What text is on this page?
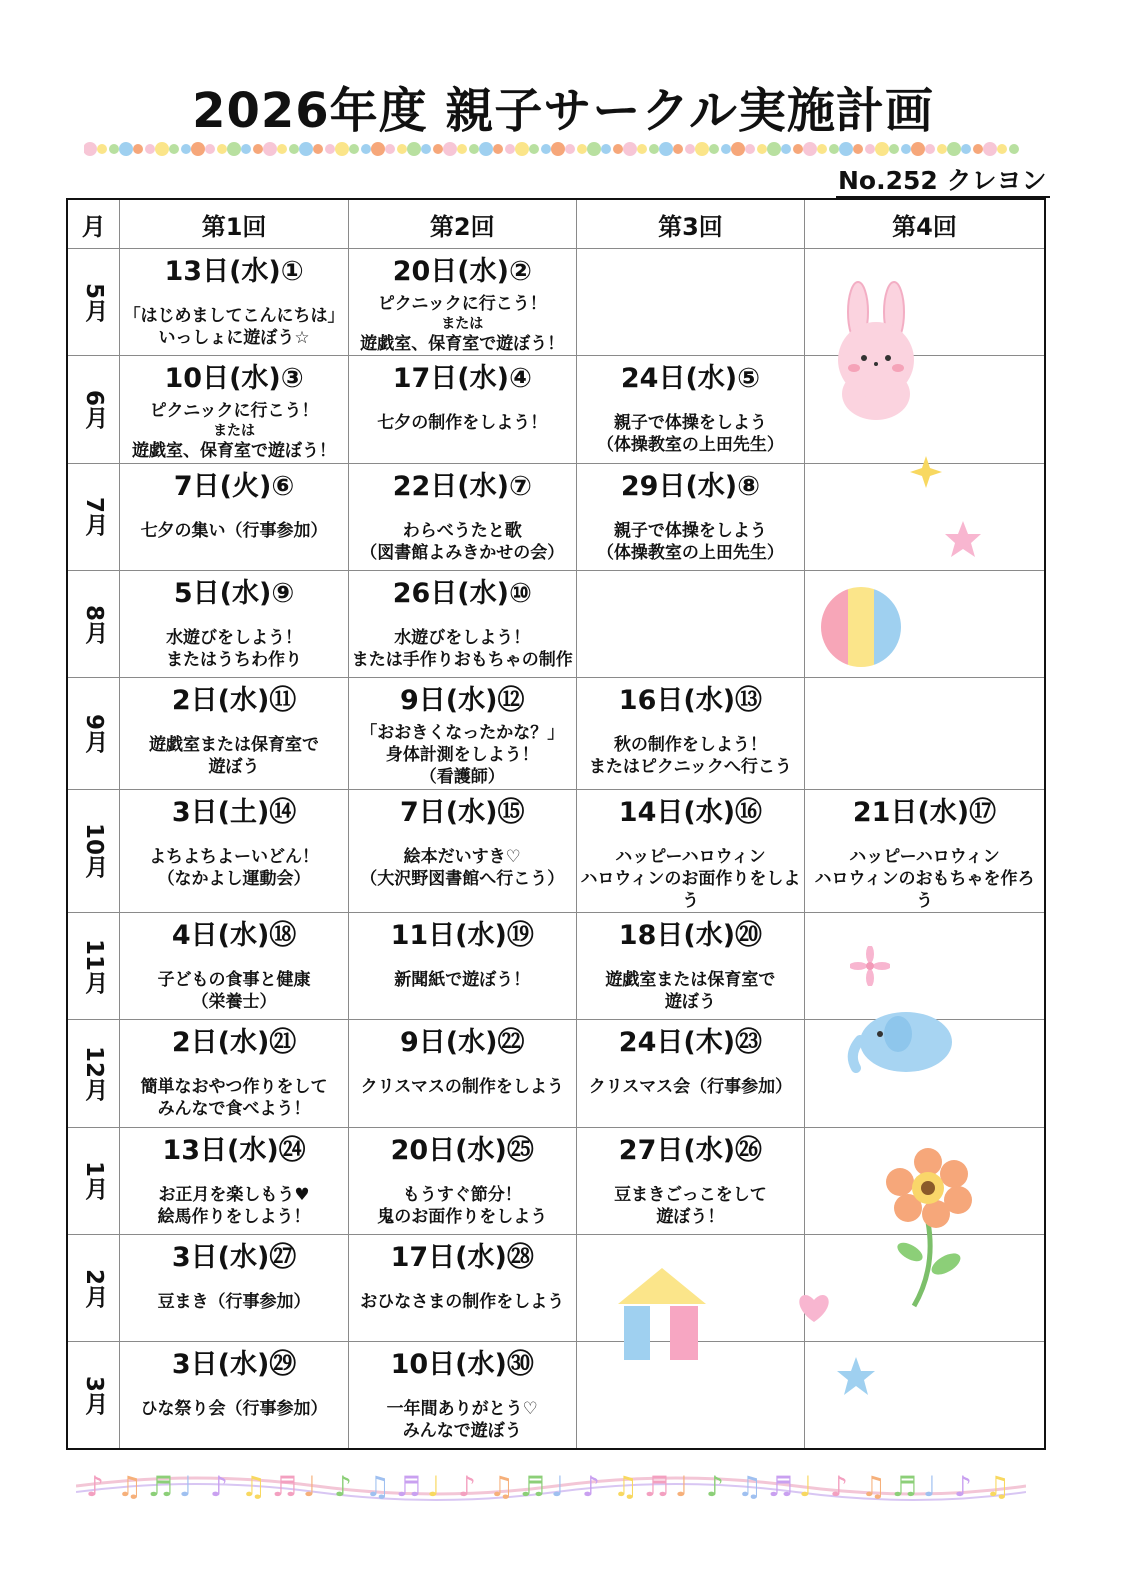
2026年度 親子サークル実施計画
No.252 クレヨン
月	第1回	第2回	第3回	第4回

5月	13日(水)①
「はじめましてこんにちは」
いっしょに遊ぼう☆	20日(水)②
ピクニックに行こう！
または
遊戯室、保育室で遊ぼう！		

6月	10日(水)③
ピクニックに行こう！
または
遊戯室、保育室で遊ぼう！	17日(水)④
七夕の制作をしよう！	24日(水)⑤
親子で体操をしよう
（体操教室の上田先生）	

7月	7日(火)⑥
七夕の集い（行事参加）	22日(水)⑦
わらべうたと歌
（図書館よみきかせの会）	29日(水)⑧
親子で体操をしよう
（体操教室の上田先生）	

8月	5日(水)⑨
水遊びをしよう！
またはうちわ作り	26日(水)⑩
水遊びをしよう！
または手作りおもちゃの制作		

9月	2日(水)⑪
遊戯室または保育室で
遊ぼう	9日(水)⑫
「おおきくなったかな？」
身体計測をしよう！
（看護師）	16日(水)⑬
秋の制作をしよう！
またはピクニックへ行こう	

10月	3日(土)⑭
よちよちよーいどん！
（なかよし運動会）	7日(水)⑮
絵本だいすき♡
（大沢野図書館へ行こう）	14日(水)⑯
ハッピーハロウィン
ハロウィンのお面作りをしよう	21日(水)⑰
ハッピーハロウィン
ハロウィンのおもちゃを作ろう

11月	4日(水)⑱
子どもの食事と健康
（栄養士）	11日(水)⑲
新聞紙で遊ぼう！	18日(水)⑳
遊戯室または保育室で
遊ぼう	

12月	2日(水)㉑
簡単なおやつ作りをして
みんなで食べよう！	9日(水)㉒
クリスマスの制作をしよう	24日(木)㉓
クリスマス会（行事参加）	

1月	13日(水)㉔
お正月を楽しもう♥
絵馬作りをしよう！	20日(水)㉕
もうすぐ節分！
鬼のお面作りをしよう	27日(水)㉖
豆まきごっこをして
遊ぼう！	

2月	3日(水)㉗
豆まき（行事参加）	17日(水)㉘
おひなさまの制作をしよう		

3月	3日(水)㉙
ひな祭り会（行事参加）	10日(水)㉚
一年間ありがとう♡
みんなで遊ぼう		

♪ ♫ ♬ ♩ ♪ ♫ ♬ ♩ ♪ ♫ ♬ ♩ ♪ ♫ ♬ ♩ ♪ ♫ ♬ ♩ ♪ ♫ ♬ ♩ ♪ ♫ ♬ ♩ ♪ ♫
